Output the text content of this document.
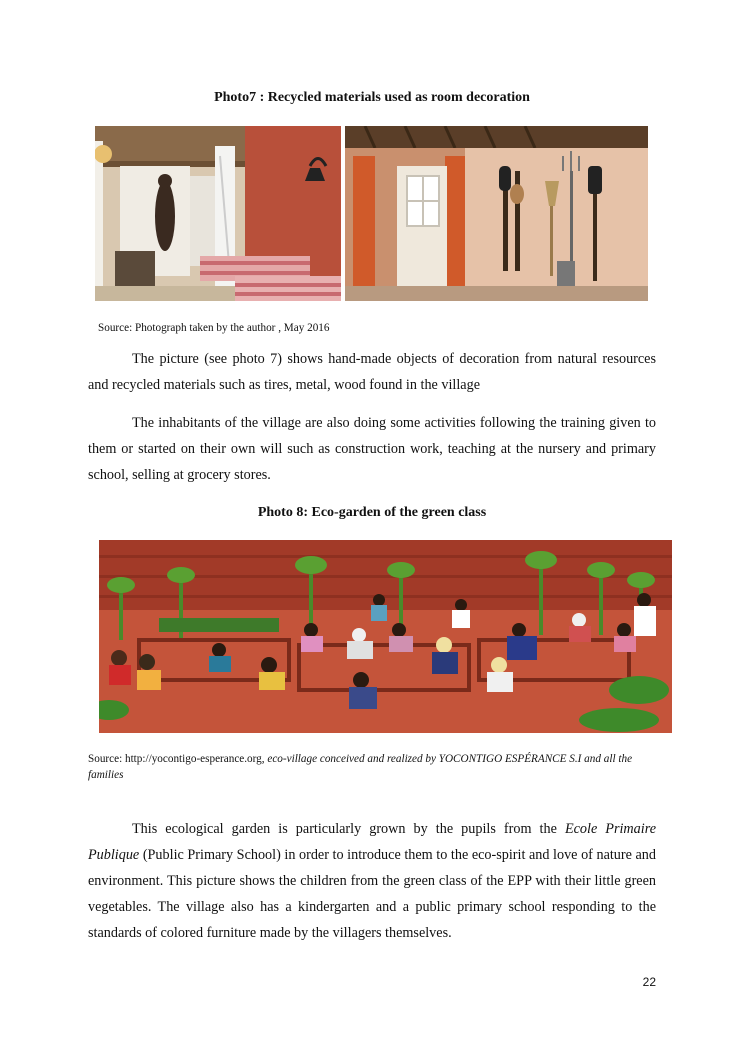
Photo7 : Recycled materials used as room decoration
Source: Photograph taken by the author , May 2016
The picture (see photo 7) shows hand-made objects of decoration from natural resources and recycled materials such as tires, metal, wood found in the village
The inhabitants of the village are also doing some activities following the training given to them or started on their own will such as construction work, teaching at the nursery and primary school, selling at grocery stores.
Photo 8: Eco-garden of the green class
Source: http://yocontigo-esperance.org, eco-village conceived and realized by YOCONTIGO ESPÉRANCE S.I and all the families
This ecological garden is particularly grown by the pupils from the Ecole Primaire Publique (Public Primary School) in order to introduce them to the eco-spirit and love of nature and environment. This picture shows the children from the green class of the EPP with their little green vegetables. The village also has a kindergarten and a public primary school responding to the standards of colored furniture made by the villagers themselves.
22
